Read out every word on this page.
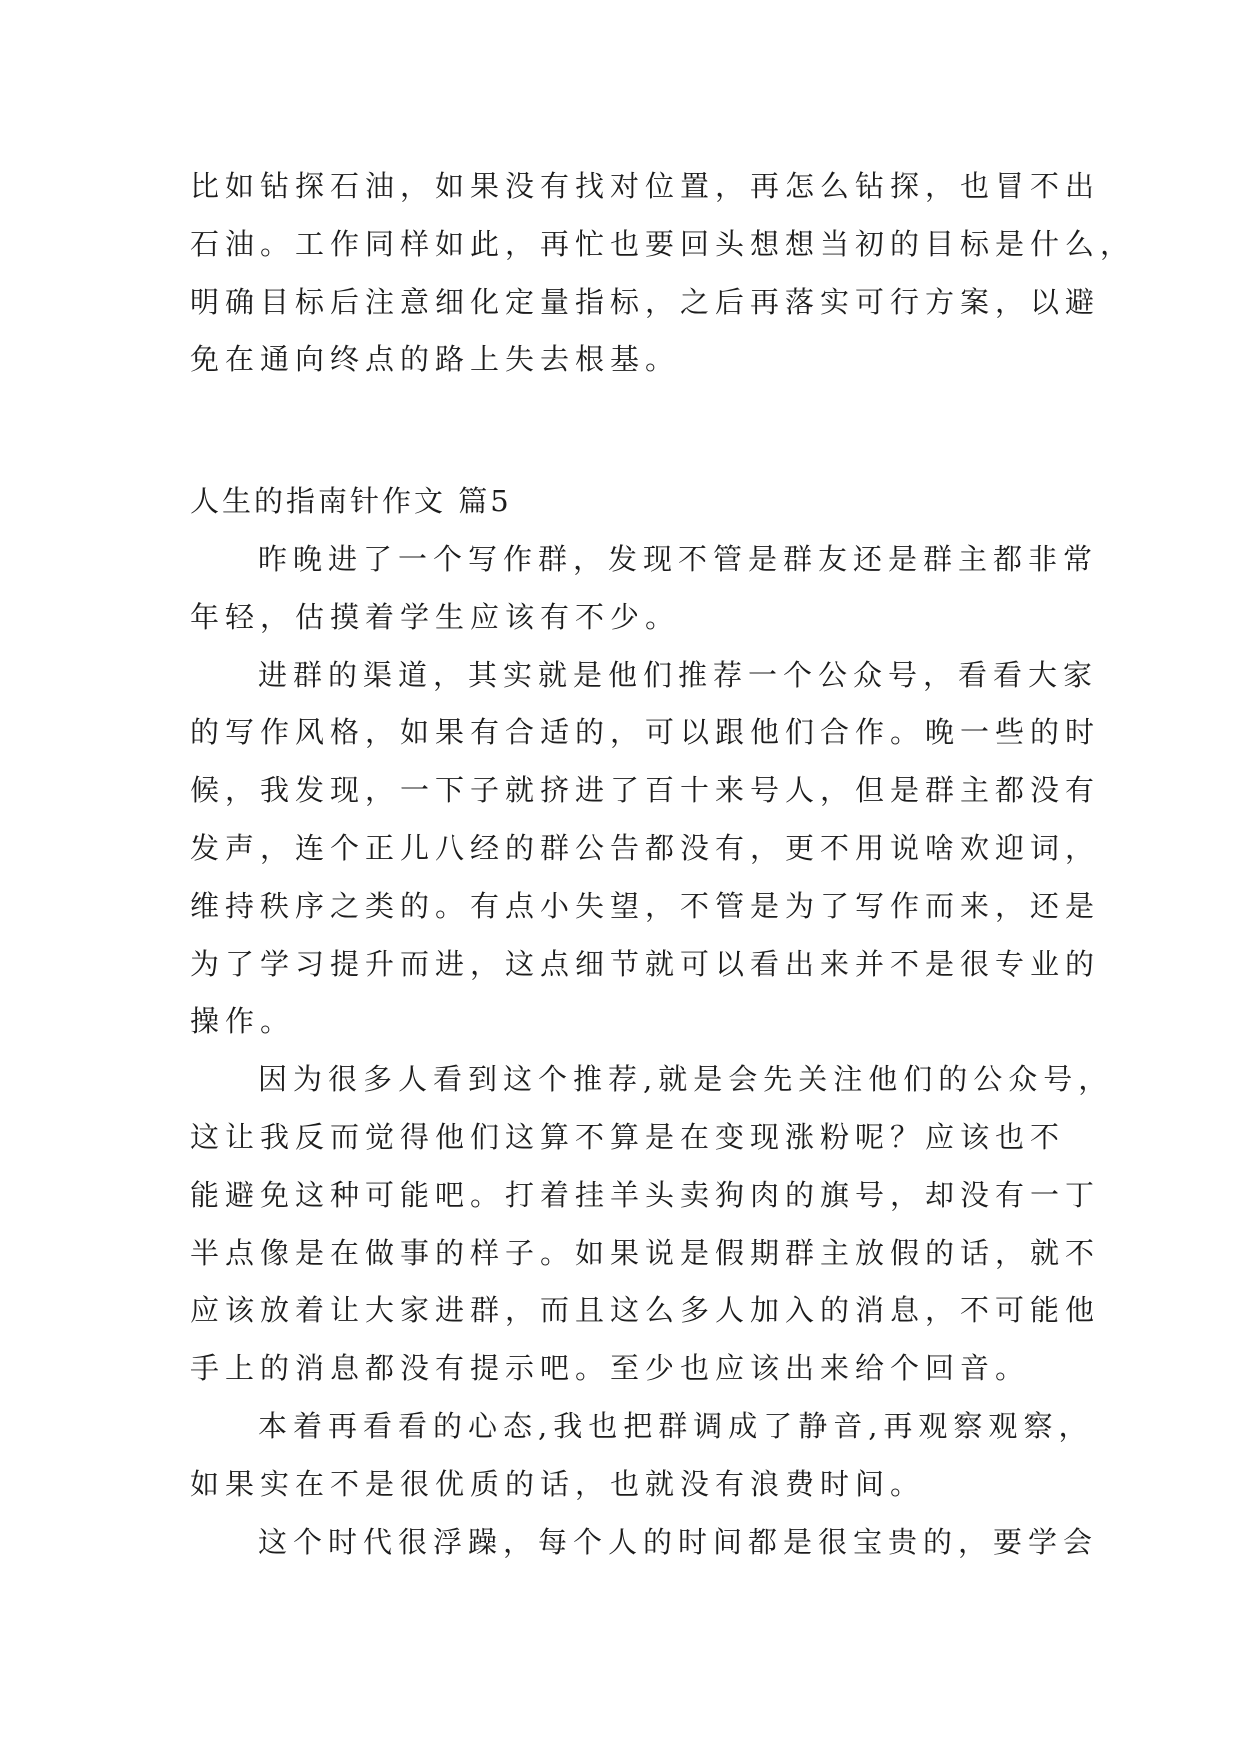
比如钻探石油，如果没有找对位置，再怎么钻探，也冒不出
石油。工作同样如此，再忙也要回头想想当初的目标是什么，
明确目标后注意细化定量指标，之后再落实可行方案，以避
免在通向终点的路上失去根基。
人生的指南针作文 篇5
昨晚进了一个写作群，发现不管是群友还是群主都非常
年轻，估摸着学生应该有不少。
进群的渠道，其实就是他们推荐一个公众号，看看大家
的写作风格，如果有合适的，可以跟他们合作。晚一些的时
候，我发现，一下子就挤进了百十来号人，但是群主都没有
发声，连个正儿八经的群公告都没有，更不用说啥欢迎词，
维持秩序之类的。有点小失望，不管是为了写作而来，还是
为了学习提升而进，这点细节就可以看出来并不是很专业的
操作。
因为很多人看到这个推荐,就是会先关注他们的公众号，
这让我反而觉得他们这算不算是在变现涨粉呢？应该也不
能避免这种可能吧。打着挂羊头卖狗肉的旗号，却没有一丁
半点像是在做事的样子。如果说是假期群主放假的话，就不
应该放着让大家进群，而且这么多人加入的消息，不可能他
手上的消息都没有提示吧。至少也应该出来给个回音。
本着再看看的心态,我也把群调成了静音,再观察观察，
如果实在不是很优质的话，也就没有浪费时间。
这个时代很浮躁，每个人的时间都是很宝贵的，要学会
